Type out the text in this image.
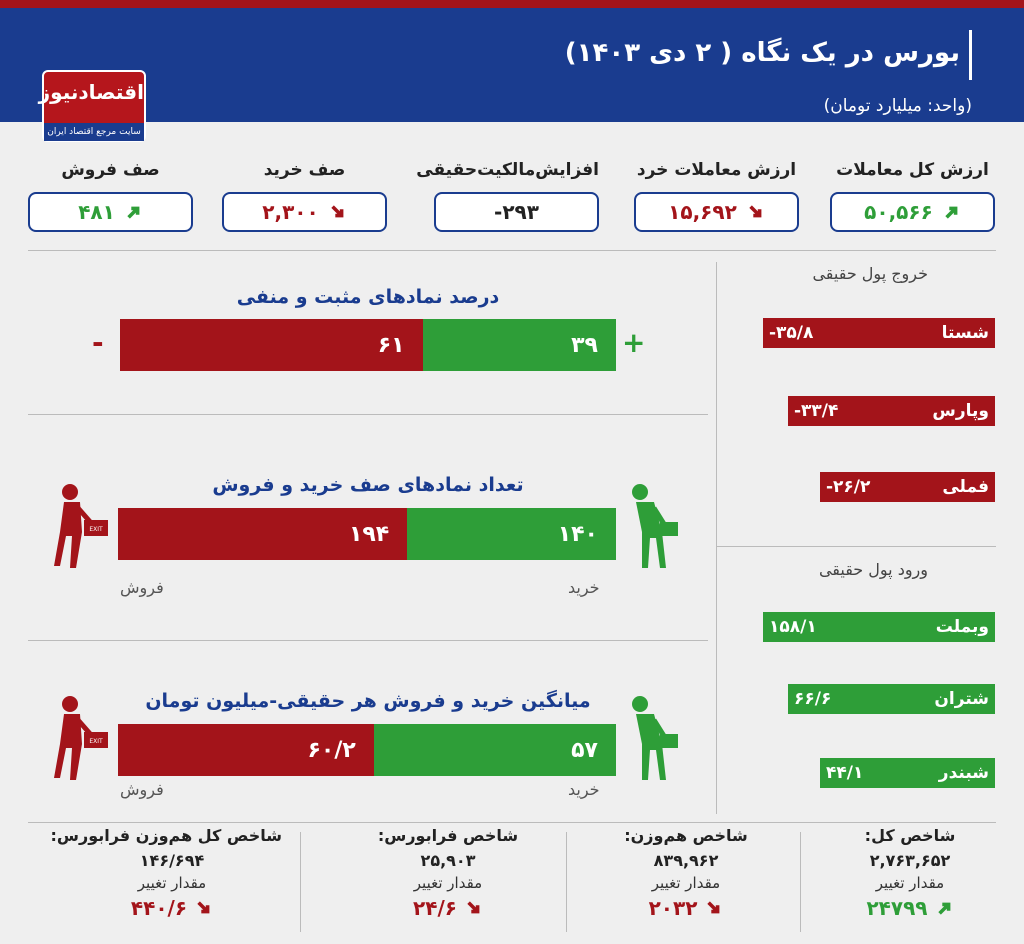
بورس در یک نگاه ( ۲ دی ۱۴۰۳)
(واحد: میلیارد تومان)
اقتصادنیوز
سایت مرجع اقتصاد ایران
ارزش کل معاملات
۵۰,۵۶۶
ارزش معاملات خرد
۱۵,۶۹۲
افزایش‌مالکیت‌حقیقی
-۲۹۳
صف خرید
۲,۳۰۰
صف فروش
۴۸۱
درصد نمادهای مثبت و منفی
-	+
۶۱	۳۹
تعداد نمادهای صف خرید و فروش
EXIT	۱۹۴	۱۴۰
فروش	خرید
میانگین خرید و فروش هر حقیقی-میلیون تومان
EXIT	۶۰/۲	۵۷
فروش	خرید
خروج پول حقیقی
شستا
-۳۵/۸
وپارس
-۳۳/۴
فملی
-۲۶/۲
ورود پول حقیقی
وبملت
۱۵۸/۱
شتران
۶۶/۶
شبندر
۴۴/۱
شاخص کل:
۲,۷۶۳,۶۵۲
مقدار تغییر
۲۴۷۹۹
شاخص هم‌وزن:
۸۳۹,۹۶۲
مقدار تغییر
۲۰۳۲
شاخص فرابورس:
۲۵,۹۰۳
مقدار تغییر
۲۴/۶
شاخص کل هم‌وزن فرابورس:
۱۴۶/۶۹۴
مقدار تغییر
۴۴۰/۶
